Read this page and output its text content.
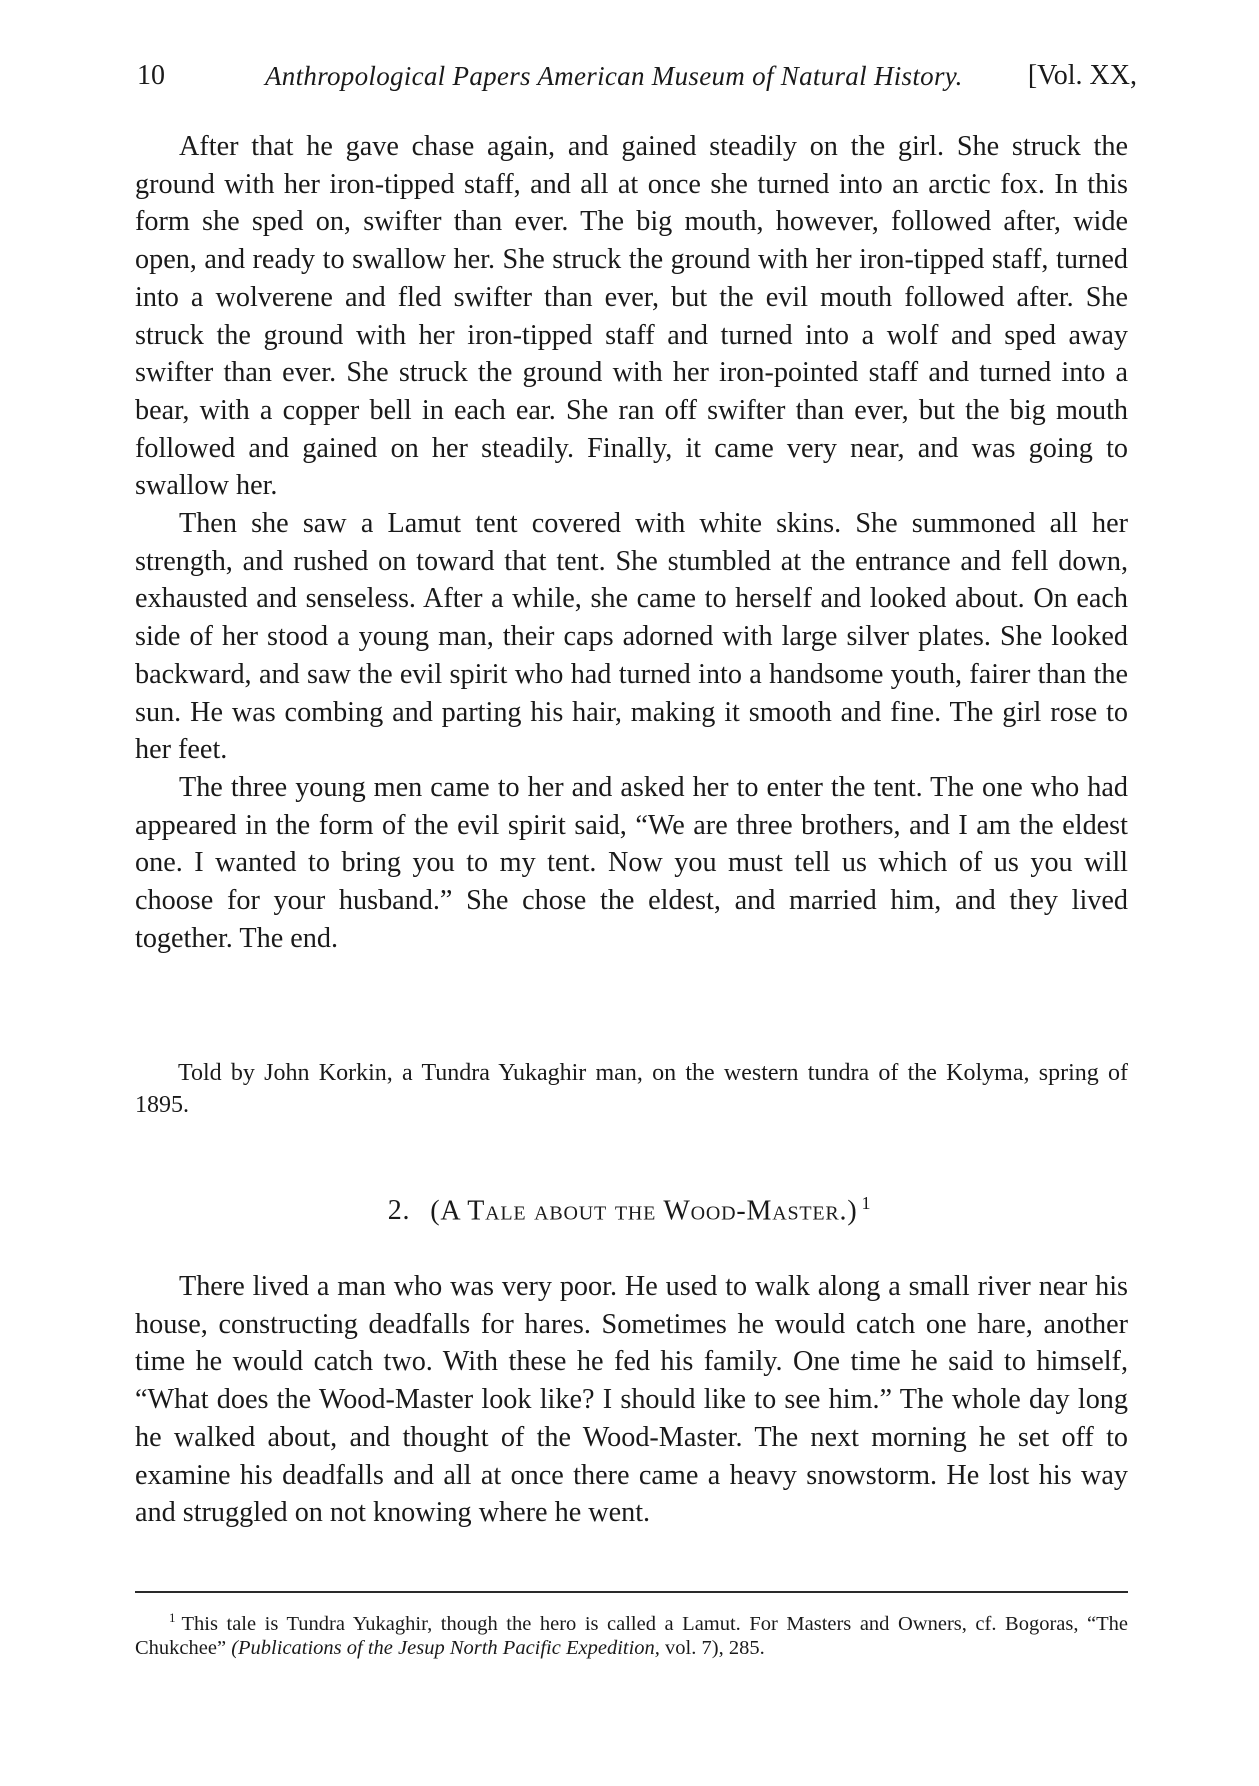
10	Anthropological Papers American Museum of Natural History. [Vol. XX,

After that he gave chase again, and gained steadily on the girl. She struck the ground with her iron-tipped staff, and all at once she turned into an arctic fox. In this form she sped on, swifter than ever. The big mouth, however, followed after, wide open, and ready to swallow her. She struck the ground with her iron-tipped staff, turned into a wolverene and fled swifter than ever, but the evil mouth followed after. She struck the ground with her iron-tipped staff and turned into a wolf and sped away swifter than ever. She struck the ground with her iron-pointed staff and turned into a bear, with a copper bell in each ear. She ran off swifter than ever, but the big mouth followed and gained on her steadily. Finally, it came very near, and was going to swallow her.

Then she saw a Lamut tent covered with white skins. She summoned all her strength, and rushed on toward that tent. She stumbled at the entrance and fell down, exhausted and senseless. After a while, she came to herself and looked about. On each side of her stood a young man, their caps adorned with large silver plates. She looked backward, and saw the evil spirit who had turned into a handsome youth, fairer than the sun. He was combing and parting his hair, making it smooth and fine. The girl rose to her feet.

The three young men came to her and asked her to enter the tent. The one who had appeared in the form of the evil spirit said, “We are three brothers, and I am the eldest one. I wanted to bring you to my tent. Now you must tell us which of us you will choose for your husband.” She chose the eldest, and married him, and they lived together. The end.

Told by John Korkin, a Tundra Yukaghir man, on the western tundra of the Kolyma, spring of 1895.
2. (A Tale about the Wood-Master.) $^1$

There lived a man who was very poor. He used to walk along a small river near his house, constructing deadfalls for hares. Sometimes he would catch one hare, another time he would catch two. With these he fed his family. One time he said to himself, “What does the Wood-Master look like? I should like to see him.” The whole day long he walked about, and thought of the Wood-Master. The next morning he set off to examine his deadfalls and all at once there came a heavy snowstorm. He lost his way and struggled on not knowing where he went.

$^1$ This tale is Tundra Yukaghir, though the hero is called a Lamut. For Masters and Owners, cf. Bogoras, “The Chukchee” (Publications of the Jesup North Pacific Expedition, vol. 7), 285.
